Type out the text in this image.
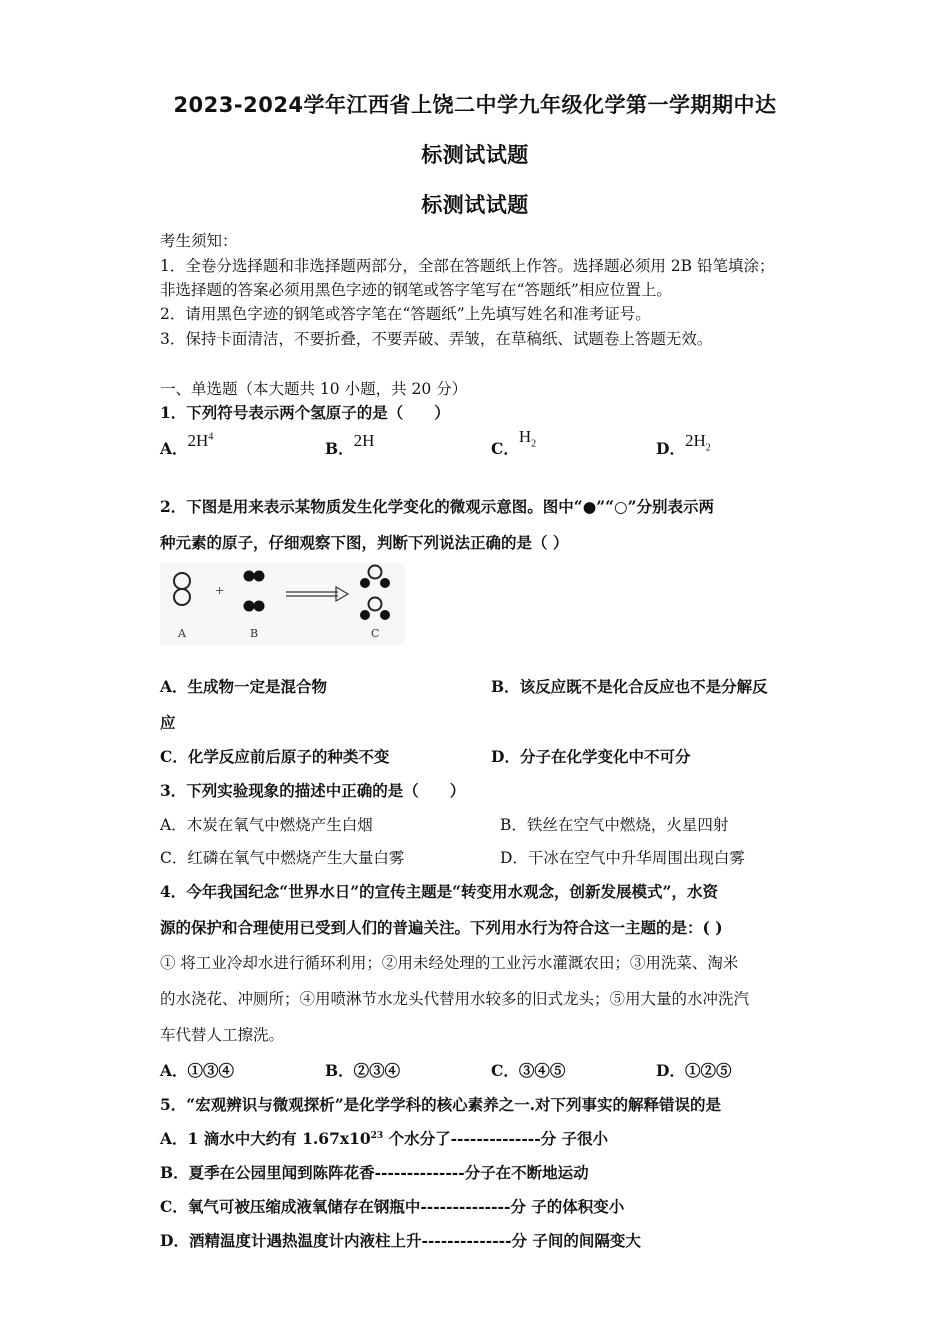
2023-2024学年江西省上饶二中学九年级化学第一学期期中达
标测试试题
标测试试题
考生须知：
1．全卷分选择题和非选择题两部分，全部在答题纸上作答。选择题必须用 2B 铅笔填涂；
非选择题的答案必须用黑色字迹的钢笔或答字笔写在“答题纸”相应位置上。
2．请用黑色字迹的钢笔或答字笔在“答题纸”上先填写姓名和准考证号。
3．保持卡面清洁，不要折叠，不要弄破、弄皱，在草稿纸、试题卷上答题无效。
一、单选题（本大题共 10 小题，共 20 分）
1．下列符号表示两个氢原子的是（　　）
A．$2H^4$
B．2H	C．$H_2$	D．$2H_2$
2．下图是用来表示某物质发生化学变化的微观示意图。图中“●”“○”分别表示两
种元素的原子，仔细观察下图，判断下列说法正确的是（ ）
+
A	B	C
A．生成物一定是混合物	B．该反应既不是化合反应也不是分解反
应
C．化学反应前后原子的种类不变	D．分子在化学变化中不可分
3．下列实验现象的描述中正确的是（　　）
A．木炭在氧气中燃烧产生白烟	B．铁丝在空气中燃烧，火星四射
C．红磷在氧气中燃烧产生大量白雾	D．干冰在空气中升华周围出现白雾
4．今年我国纪念“世界水日”的宣传主题是“转变用水观念，创新发展模式”，水资
源的保护和合理使用已受到人们的普遍关注。下列用水行为符合这一主题的是：( )
① 将工业冷却水进行循环利用；②用未经处理的工业污水灌溉农田；③用洗菜、淘米
的水浇花、冲厕所；④用喷淋节水龙头代替用水较多的旧式龙头；⑤用大量的水冲洗汽
车代替人工擦洗。
A．①③④	B．②③④	C．③④⑤	D．①②⑤
5．“宏观辨识与微观探析”是化学学科的核心素养之一.对下列事实的解释错误的是
A．1 滴水中大约有 $1.67x10^{23}$ 个水分了--------------分 子很小
B．夏季在公园里闻到陈阵花香--------------分子在不断地运动
C．氧气可被压缩成液氧储存在钢瓶中--------------分 子的体积变小
D．酒精温度计遇热温度计内液柱上升--------------分 子间的间隔变大
